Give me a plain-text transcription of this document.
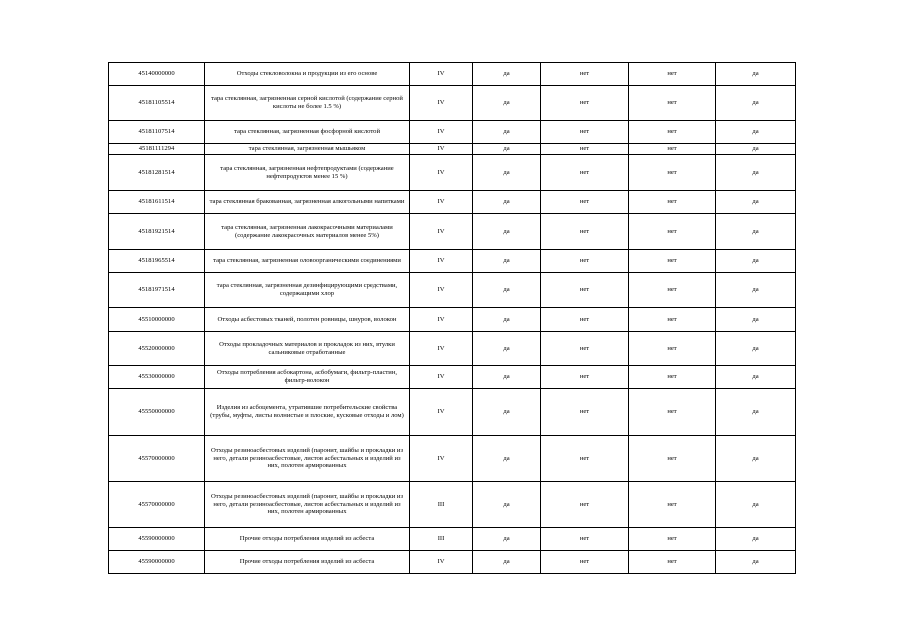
45140000000	Отходы стекловолокна и продукции из его основе	IV	да	нет	нет	да
45181105514	тара стеклянная, загрязненная серной кислотой (содержание серной кислоты не более 1.5 %)	IV	да	нет	нет	да
45181107514	тара стеклянная, загрязненная фосфорной кислотой	IV	да	нет	нет	да
45181111294	тара стеклянная, загрязненная мышьяком	IV	да	нет	нет	да
45181281514	тара стеклянная, загрязненная нефтепродуктами (содержание нефтепродуктов менее 15 %)	IV	да	нет	нет	да
45181611514	тара стеклянная бракованная, загрязненная алкогольными напитками	IV	да	нет	нет	да
45181921514	тара стеклянная, загрязненная лакокрасочными материалами (содержание лакокрасочных материалов менее 5%)	IV	да	нет	нет	да
45181965514	тара стеклянная, загрязненная оловоорганическими соединениями	IV	да	нет	нет	да
45181971514	тара стеклянная, загрязненная дезинфицирующими средствами, содержащими хлор	IV	да	нет	нет	да
45510000000	Отходы асбестовых тканей, полотен ровницы, шнуров, волокон	IV	да	нет	нет	да
45520000000	Отходы прокладочных материалов и прокладок из них, втулки сальниковые отработанные	IV	да	нет	нет	да
45530000000	Отходы потребления асбокартона, асбобумаги, фильтр-пластин, фильтр-волокон	IV	да	нет	нет	да
45550000000	Изделия из асбоцемента, утратившие потребительские свойства (трубы, муфты, листы волнистые и плоские, кусковые отходы и лом)	IV	да	нет	нет	да
45570000000	Отходы резиноасбестовых изделий (паронит, шайбы и прокладки из него, детали резиноасбестовые, листов асбестальных и изделий из них, полотен армированных	IV	да	нет	нет	да
45570000000	Отходы резиноасбестовых изделий (паронит, шайбы и прокладки из него, детали резиноасбестовые, листов асбестальных и изделий из них, полотен армированных	III	да	нет	нет	да
45590000000	Прочие отходы потребления изделий из асбеста	III	да	нет	нет	да
45590000000	Прочие отходы потребления изделий из асбеста	IV	да	нет	нет	да
